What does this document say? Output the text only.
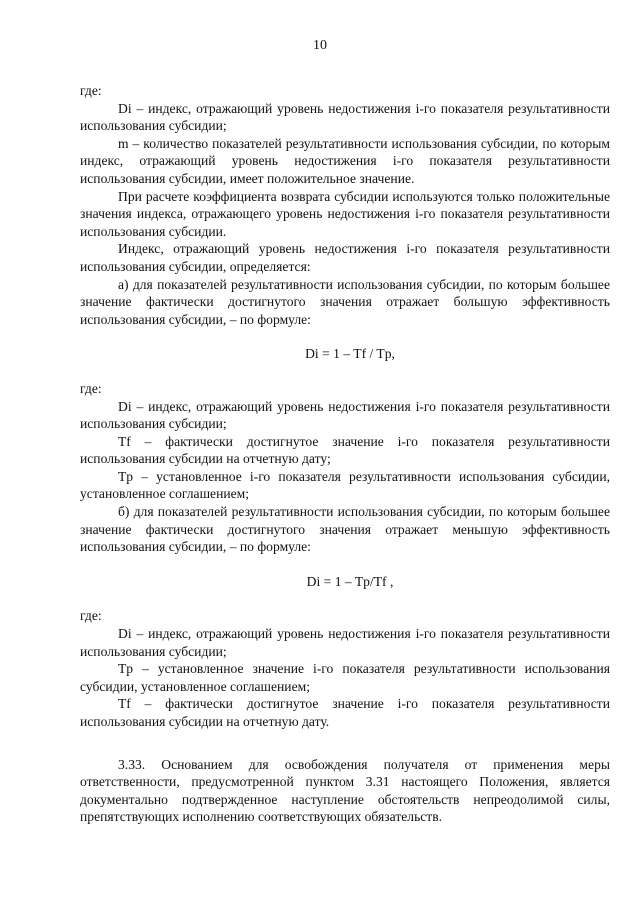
10

где:

Di – индекс, отражающий уровень недостижения i-го показателя результативности использования субсидии;

m – количество показателей результативности использования субсидии, по которым индекс, отражающий уровень недостижения i-го показателя результативности использования субсидии, имеет положительное значение.

При расчете коэффициента возврата субсидии используются только положительные значения индекса, отражающего уровень недостижения i-го показателя результативности использования субсидии.

Индекс, отражающий уровень недостижения i-го показателя результативности использования субсидии, определяется:

а) для показателей результативности использования субсидии, по которым большее значение фактически достигнутого значения отражает большую эффективность использования субсидии, – по формуле:

Di = 1 – Tf / Tp,

где:

Di – индекс, отражающий уровень недостижения i-го показателя результативности использования субсидии;

Tf – фактически достигнутое значение i-го показателя результативности использования субсидии на отчетную дату;

Tp – установленное i-го показателя результативности использования субсидии, установленное соглашением;

б) для показателей результативности использования субсидии, по которым большее значение фактически достигнутого значения отражает меньшую эффективность использования субсидии, – по формуле:

Di = 1 – Tp/Tf ,

где:

Di – индекс, отражающий уровень недостижения i-го показателя результативности использования субсидии;

Tp – установленное значение i-го показателя результативности использования субсидии, установленное соглашением;

Tf – фактически достигнутое значение i-го показателя результативности использования субсидии на отчетную дату.

3.33. Основанием для освобождения получателя от применения меры ответственности, предусмотренной пунктом 3.31 настоящего Положения, является документально подтвержденное наступление обстоятельств непреодолимой силы, препятствующих исполнению соответствующих обязательств.
